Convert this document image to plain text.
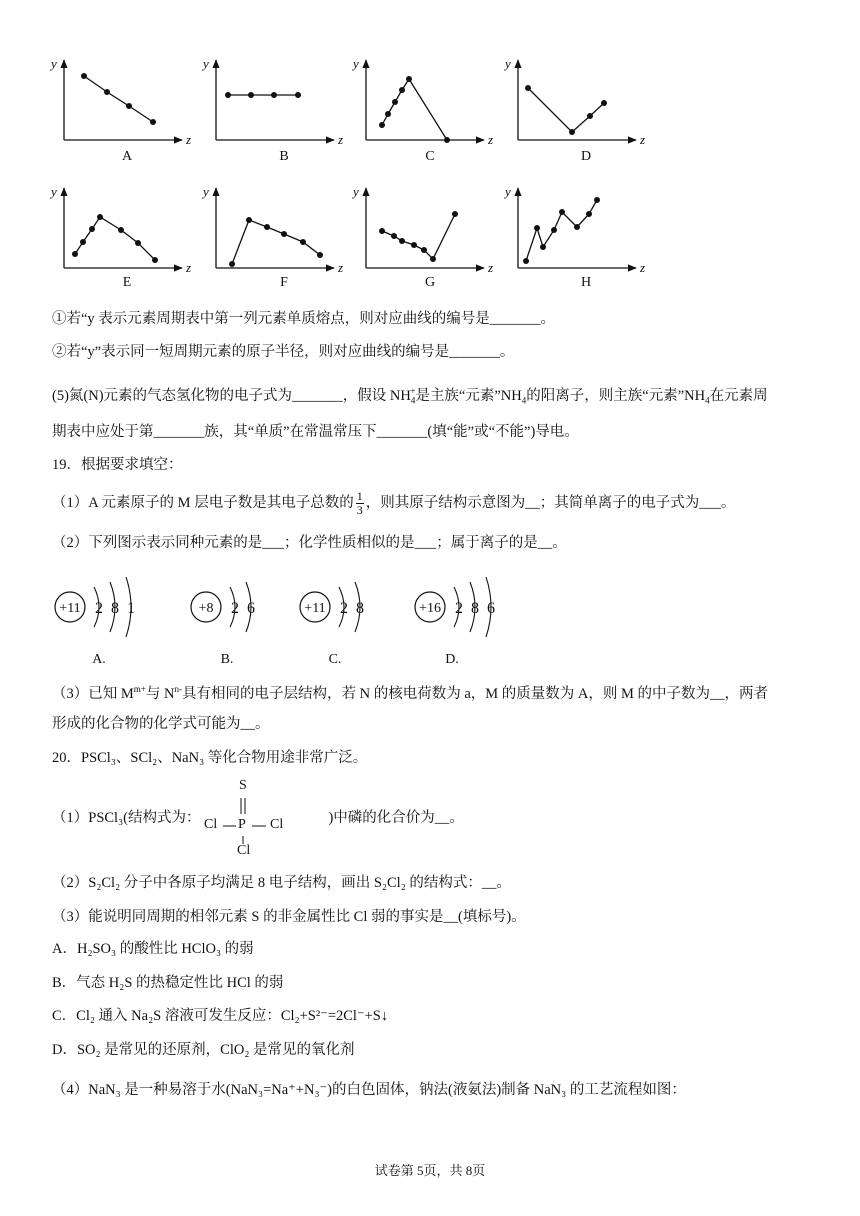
y
z
y
z
y
z
y
z
y
z
y
z
y
z
y
z
A	B	C	D
E	F	G	H
①若“y 表示元素周期表中第一列元素单质熔点，则对应曲线的编号是_______。
②若“y”表示同一短周期元素的原子半径，则对应曲线的编号是_______。
(5)氮(N)元素的气态氢化物的电子式为_______，假设 $NH_4^+$是主族“元素$”NH_4$的阳离子，则主族“元素$”NH_4$在元素周
期表中应处于第_______族，其“单质”在常温常压下_______(填“能”或“不能”)导电。
19．根据要求填空：
（1）A 元素原子的 M 层电子数是其电子总数的 $\frac{1}{3}$ ，则其原子结构示意图为__；其简单离子的电子式为___。
（2）下列图示表示同种元素的是___；化学性质相似的是___；属于离子的是__。
+11 2 8 1	+8 2 6	+11 2 8	+16 2 8 6
A.	B.	C.	D.
（3）已知 $M^{m+}$与 $N^{n-}$具有相同的电子层结构，若 N 的核电荷数为 a，M 的质量数为 A，则 M 的中子数为__，两者
形成的化合物的化学式可能为__。
20．PSCl₃、SCl₂、NaN₃ 等化合物用途非常广泛。
（1）PSCl₃(结构式为：	)中磷的化合价为__。
S
Cl P Cl
Cl
（2）S₂Cl₂ 分子中各原子均满足 8 电子结构，画出 S₂Cl₂ 的结构式：__。
（3）能说明同周期的相邻元素 S 的非金属性比 Cl 弱的事实是__(填标号)。
A．H₂SO₃ 的酸性比 HClO₃ 的弱
B．气态 H₂S 的热稳定性比 HCl 的弱
C．Cl₂ 通入 Na₂S 溶液可发生反应：Cl₂+S²⁻=2Cl⁻+S↓
D．SO₂ 是常见的还原剂，ClO₂ 是常见的氧化剂
（4）NaN₃ 是一种易溶于水(NaN₃=Na⁺+N₃⁻)的白色固体，钠法(液氨法)制备 NaN₃ 的工艺流程如图：
试卷第 5页，共 8页
